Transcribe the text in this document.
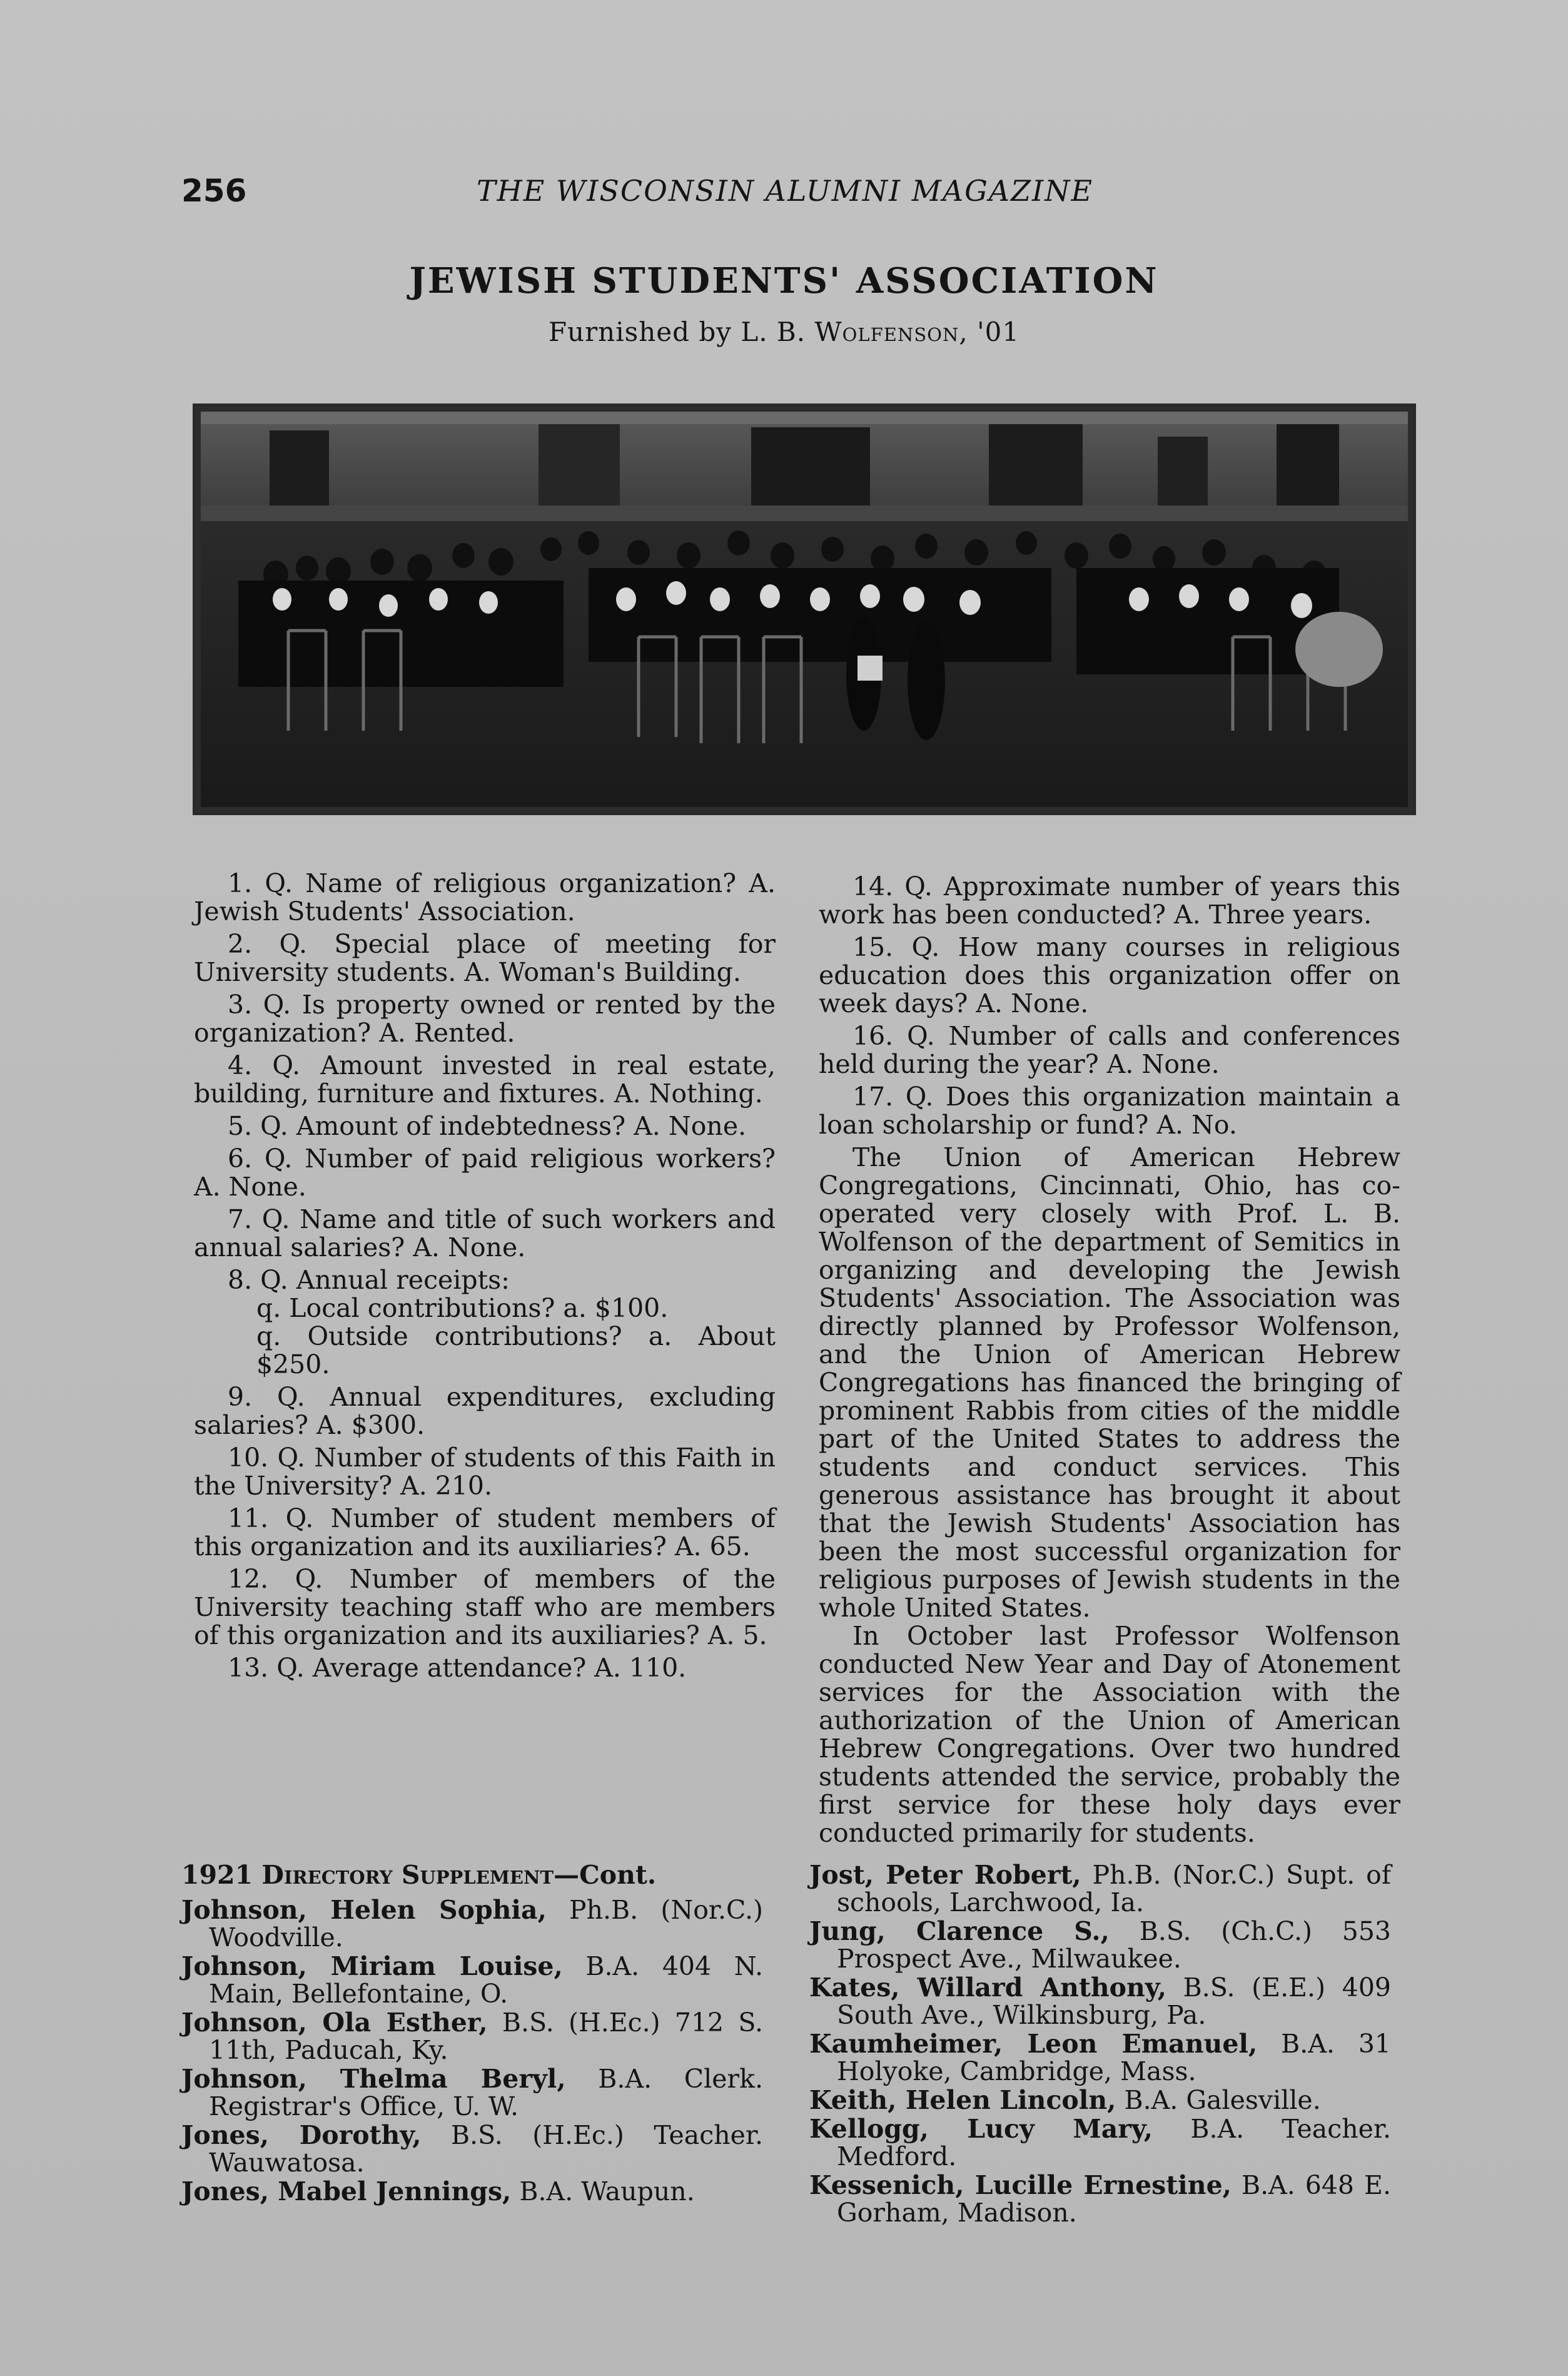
256	THE WISCONSIN ALUMNI MAGAZINE
JEWISH STUDENTS' ASSOCIATION
Furnished by L. B. Wolfenson, '01

1. Q. Name of religious organization? A. Jewish Students' Association.

2. Q. Special place of meeting for University students. A. Woman's Building.

3. Q. Is property owned or rented by the organization? A. Rented.

4. Q. Amount invested in real estate, building, furniture and fixtures. A. Nothing.

5. Q. Amount of indebtedness? A. None.

6. Q. Number of paid religious workers? A. None.

7. Q. Name and title of such workers and annual salaries? A. None.

8. Q. Annual receipts:
q. Local contributions? a. $100.
q. Outside contributions? a. About $250.

9. Q. Annual expenditures, excluding salaries? A. $300.

10. Q. Number of students of this Faith in the University? A. 210.

11. Q. Number of student members of this organization and its auxiliaries? A. 65.

12. Q. Number of members of the University teaching staff who are members of this organization and its auxiliaries? A. 5.

13. Q. Average attendance? A. 110.

14. Q. Approximate number of years this work has been conducted? A. Three years.

15. Q. How many courses in religious education does this organization offer on week days? A. None.

16. Q. Number of calls and conferences held during the year? A. None.

17. Q. Does this organization maintain a loan scholarship or fund? A. No.

The Union of American Hebrew Congregations, Cincinnati, Ohio, has co-operated very closely with Prof. L. B. Wolfenson of the department of Semitics in organizing and developing the Jewish Students' Association. The Association was directly planned by Professor Wolfenson, and the Union of American Hebrew Congregations has financed the bringing of prominent Rabbis from cities of the middle part of the United States to address the students and conduct services. This generous assistance has brought it about that the Jewish Students' Association has been the most successful organization for religious purposes of Jewish students in the whole United States.

In October last Professor Wolfenson conducted New Year and Day of Atonement services for the Association with the authorization of the Union of American Hebrew Congregations. Over two hundred students attended the service, probably the first service for these holy days ever conducted primarily for students.

1921 Directory Supplement—Cont.

Johnson, Helen Sophia, Ph.B. (Nor.C.) Woodville.

Johnson, Miriam Louise, B.A. 404 N. Main, Bellefontaine, O.

Johnson, Ola Esther, B.S. (H.Ec.) 712 S. 11th, Paducah, Ky.

Johnson, Thelma Beryl, B.A. Clerk. Registrar's Office, U. W.

Jones, Dorothy, B.S. (H.Ec.) Teacher. Wauwatosa.

Jones, Mabel Jennings, B.A. Waupun.

Jost, Peter Robert, Ph.B. (Nor.C.) Supt. of schools, Larchwood, Ia.

Jung, Clarence S., B.S. (Ch.C.) 553 Prospect Ave., Milwaukee.

Kates, Willard Anthony, B.S. (E.E.) 409 South Ave., Wilkinsburg, Pa.

Kaumheimer, Leon Emanuel, B.A. 31 Holyoke, Cambridge, Mass.

Keith, Helen Lincoln, B.A. Galesville.

Kellogg, Lucy Mary, B.A. Teacher. Medford.

Kessenich, Lucille Ernestine, B.A. 648 E. Gorham, Madison.
